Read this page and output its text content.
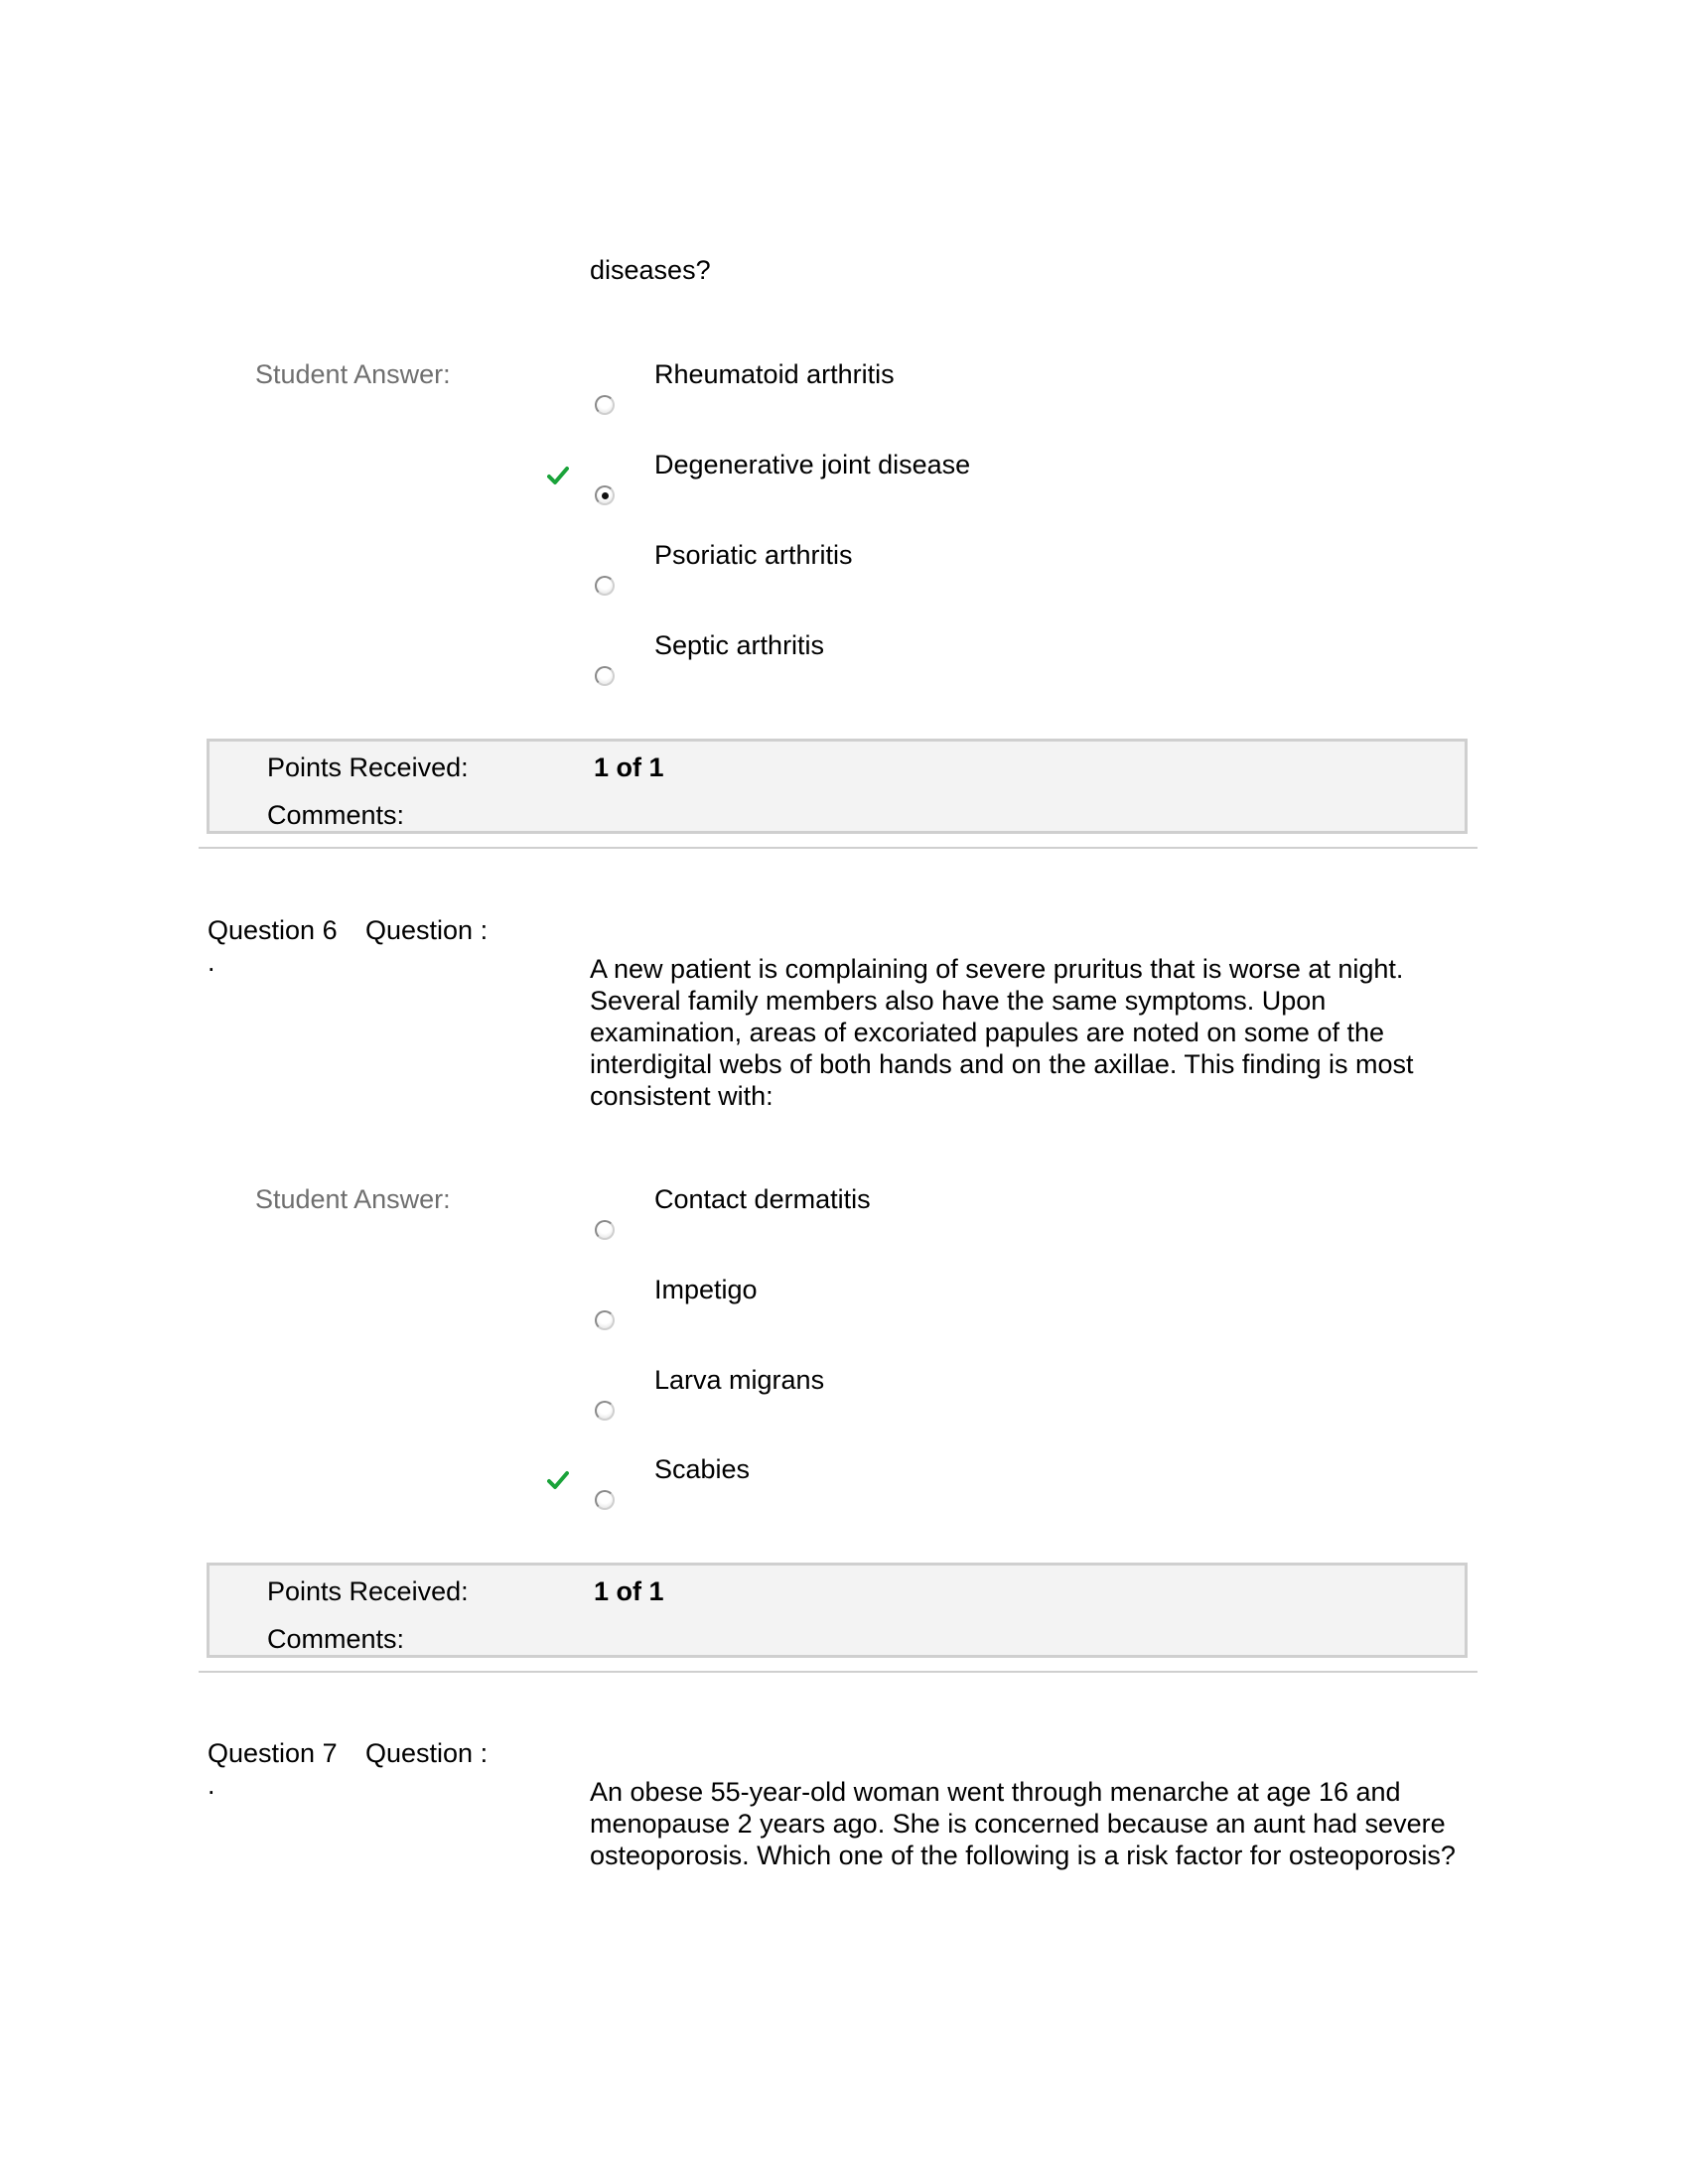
diseases?
Student Answer:	Rheumatoid arthritis
Degenerative joint disease
Psoriatic arthritis
Septic arthritis
Points Received:	1 of 1
Comments:
Question 6 Question :
.	A new patient is complaining of severe pruritus that is worse at night. Several family members also have the same symptoms. Upon examination, areas of excoriated papules are noted on some of the interdigital webs of both hands and on the axillae. This finding is most consistent with:
Student Answer:	Contact dermatitis
Impetigo
Larva migrans
Scabies
Points Received:	1 of 1
Comments:
Question 7 Question :
.	An obese 55-year-old woman went through menarche at age 16 and menopause 2 years ago. She is concerned because an aunt had severe osteoporosis. Which one of the following is a risk factor for osteoporosis?
